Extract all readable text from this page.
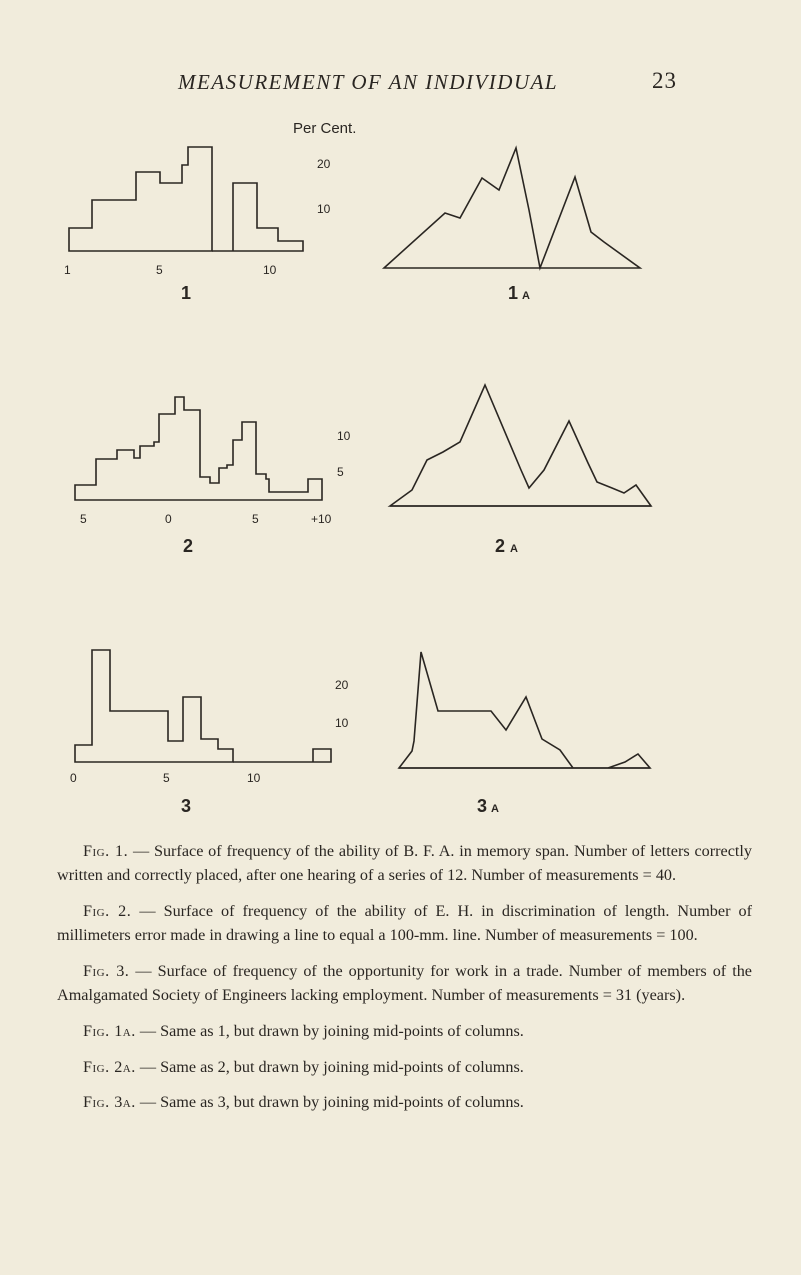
MEASUREMENT OF AN INDIVIDUAL	23
Per Cent.
1	5	10
1
20
10
1 A
5	0	5	+10
2
10
5
2 A
0	5	10
3
20
10
3 A

Fig. 1. — Surface of frequency of the ability of B. F. A. in memory span. Number of letters correctly written and correctly placed, after one hearing of a series of 12. Number of measurements = 40.

Fig. 2. — Surface of frequency of the ability of E. H. in discrimination of length. Number of millimeters error made in drawing a line to equal a 100-mm. line. Number of measurements = 100.

Fig. 3. — Surface of frequency of the opportunity for work in a trade. Number of members of the Amalgamated Society of Engineers lacking employment. Number of measurements = 31 (years).

Fig. 1a. — Same as 1, but drawn by joining mid-points of columns.

Fig. 2a. — Same as 2, but drawn by joining mid-points of columns.

Fig. 3a. — Same as 3, but drawn by joining mid-points of columns.
